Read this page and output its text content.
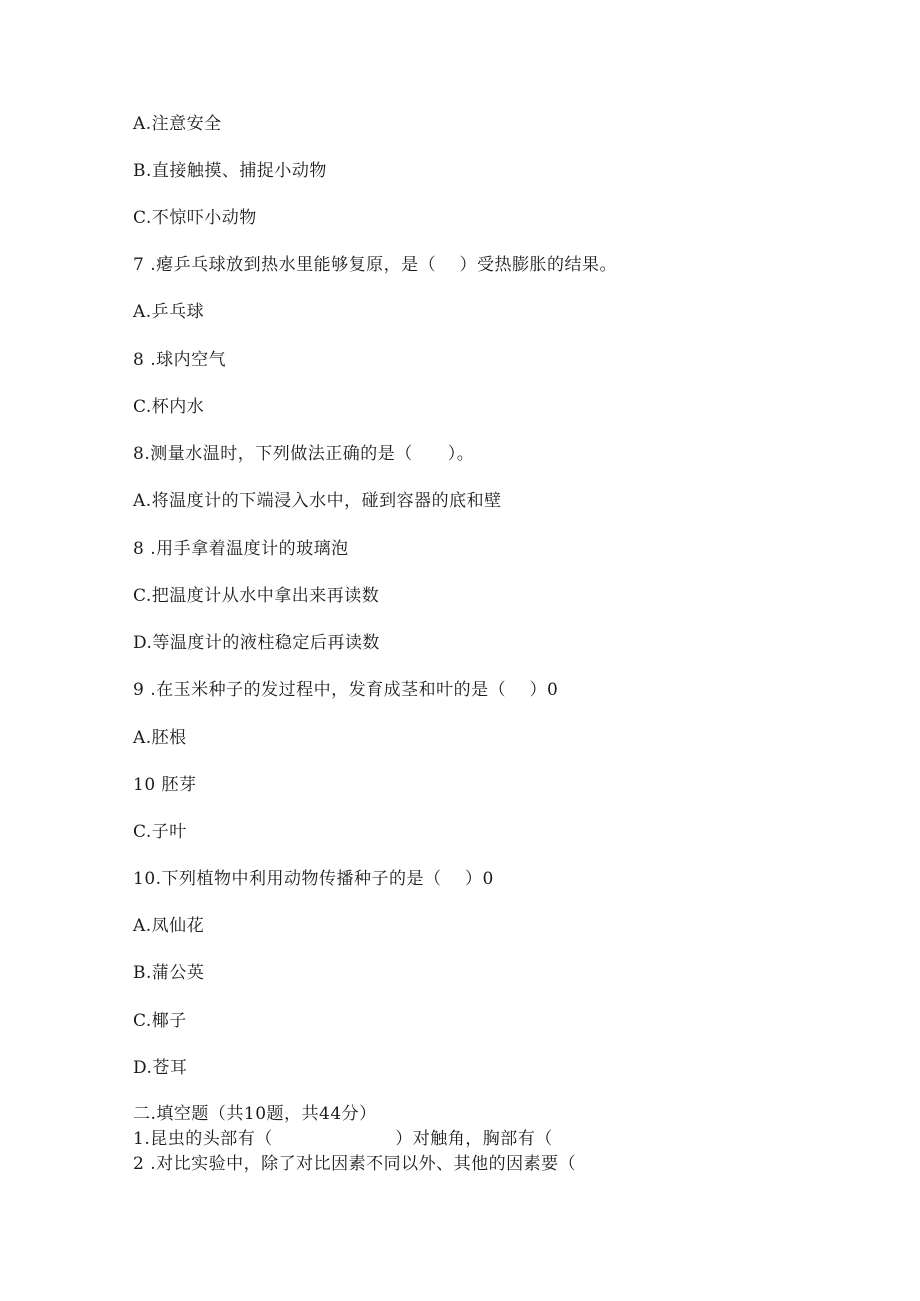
A.注意安全
B.直接触摸、捕捉小动物
C.不惊吓小动物
7 .瘪乒乓球放到热水里能够复原，是（　 ）受热膨胀的结果。
A.乒乓球
8 .球内空气
C.杯内水
8.测量水温时，下列做法正确的是（　　）。
A.将温度计的下端浸入水中，碰到容器的底和壁
8 .用手拿着温度计的玻璃泡
C.把温度计从水中拿出来再读数
D.等温度计的液柱稳定后再读数
9 .在玉米种子的发过程中，发育成茎和叶的是（　 ）0
A.胚根
10 胚芽
C.子叶
10.下列植物中利用动物传播种子的是（　 ）0
A.凤仙花
B.蒲公英
C.椰子
D.苍耳
二.填空题（共10题，共44分）
1.昆虫的头部有（　　　　　　　）对触角，胸部有（
2 .对比实验中，除了对比因素不同以外、其他的因素要（
